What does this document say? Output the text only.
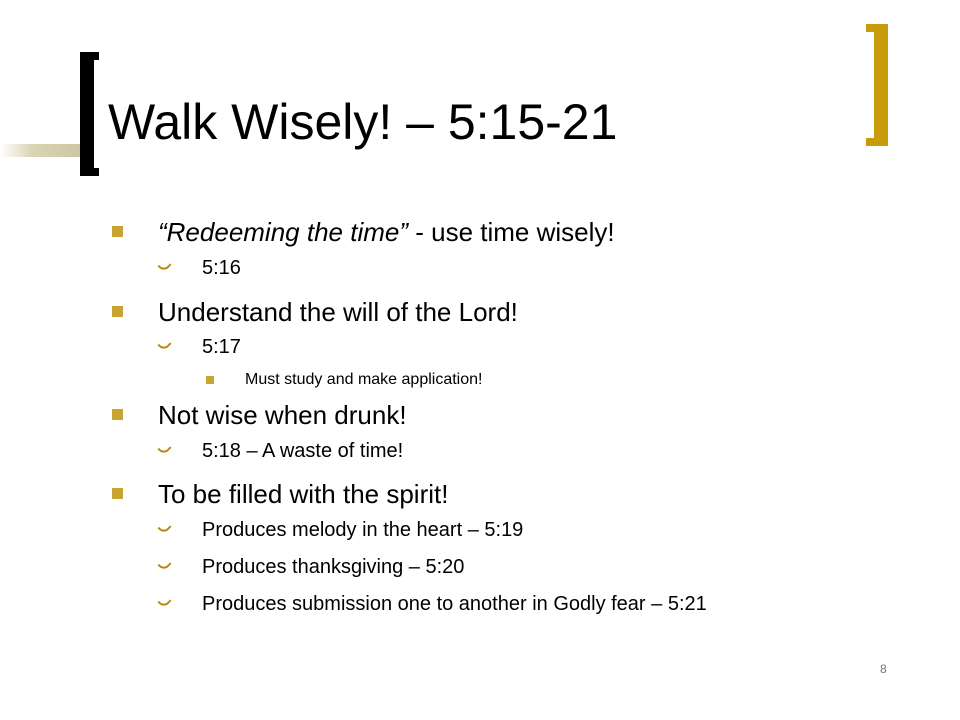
Walk Wisely! – 5:15-21
“Redeeming the time” - use time wisely!
5:16
Understand the will of the Lord!
5:17
Must study and make application!
Not wise when drunk!
5:18 – A waste of time!
To be filled with the spirit!
Produces melody in the heart – 5:19
Produces thanksgiving – 5:20
Produces submission one to another in Godly fear – 5:21
8
